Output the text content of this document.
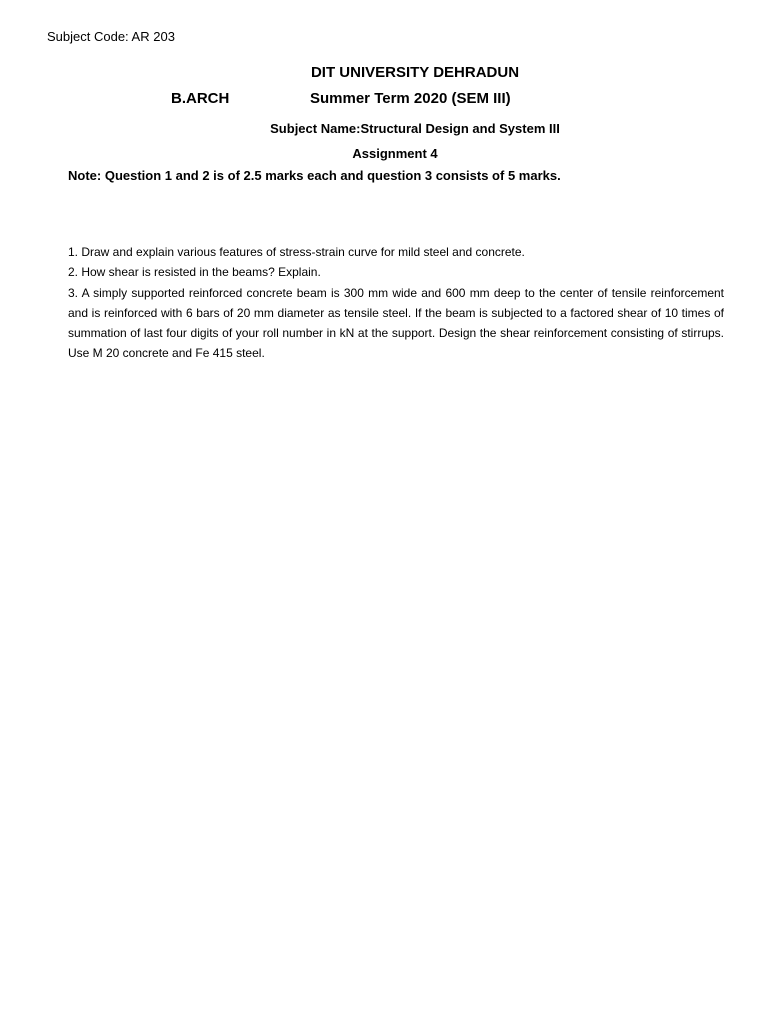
Subject Code: AR 203
DIT UNIVERSITY DEHRADUN
B.ARCH	Summer Term 2020 (SEM III)
Subject Name:Structural Design and System III
Assignment 4
Note: Question 1 and 2 is of 2.5 marks each and question 3 consists of 5 marks.

1. Draw and explain various features of stress-strain curve for mild steel and concrete.

2. How shear is resisted in the beams? Explain.

3. A simply supported reinforced concrete beam is 300 mm wide and 600 mm deep to the center of tensile reinforcement and is reinforced with 6 bars of 20 mm diameter as tensile steel. If the beam is subjected to a factored shear of 10 times of summation of last four digits of your roll number in kN at the support. Design the shear reinforcement consisting of stirrups. Use M 20 concrete and Fe 415 steel.
